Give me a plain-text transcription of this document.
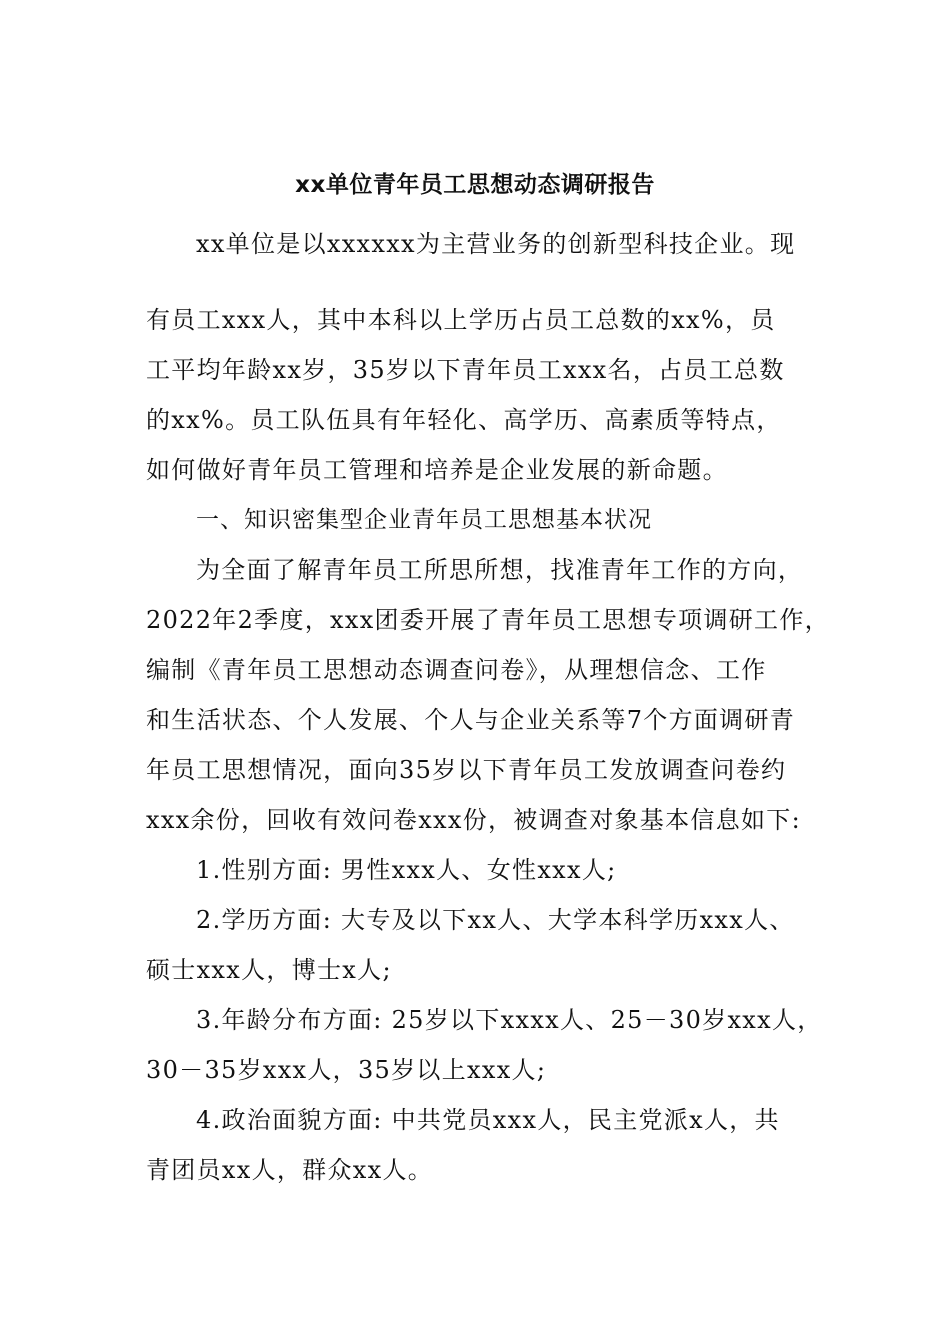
xx单位青年员工思想动态调研报告
xx单位是以xxxxxx为主营业务的创新型科技企业。现
有员工xxx人，其中本科以上学历占员工总数的xx%，员
工平均年龄xx岁，35岁以下青年员工xxx名，占员工总数
的xx%。员工队伍具有年轻化、高学历、高素质等特点，
如何做好青年员工管理和培养是企业发展的新命题。
一、知识密集型企业青年员工思想基本状况
为全面了解青年员工所思所想，找准青年工作的方向，
2022年2季度，xxx团委开展了青年员工思想专项调研工作，
编制《青年员工思想动态调查问卷》，从理想信念、工作
和生活状态、个人发展、个人与企业关系等7个方面调研青
年员工思想情况，面向35岁以下青年员工发放调查问卷约
xxx余份，回收有效问卷xxx份，被调查对象基本信息如下:
1.性别方面: 男性xxx人、女性xxx人;
2.学历方面: 大专及以下xx人、大学本科学历xxx人、
硕士xxx人，博士x人;
3.年龄分布方面: 25岁以下xxxx人、25－30岁xxx人，
30－35岁xxx人，35岁以上xxx人;
4.政治面貌方面: 中共党员xxx人，民主党派x人，共
青团员xx人，群众xx人。
